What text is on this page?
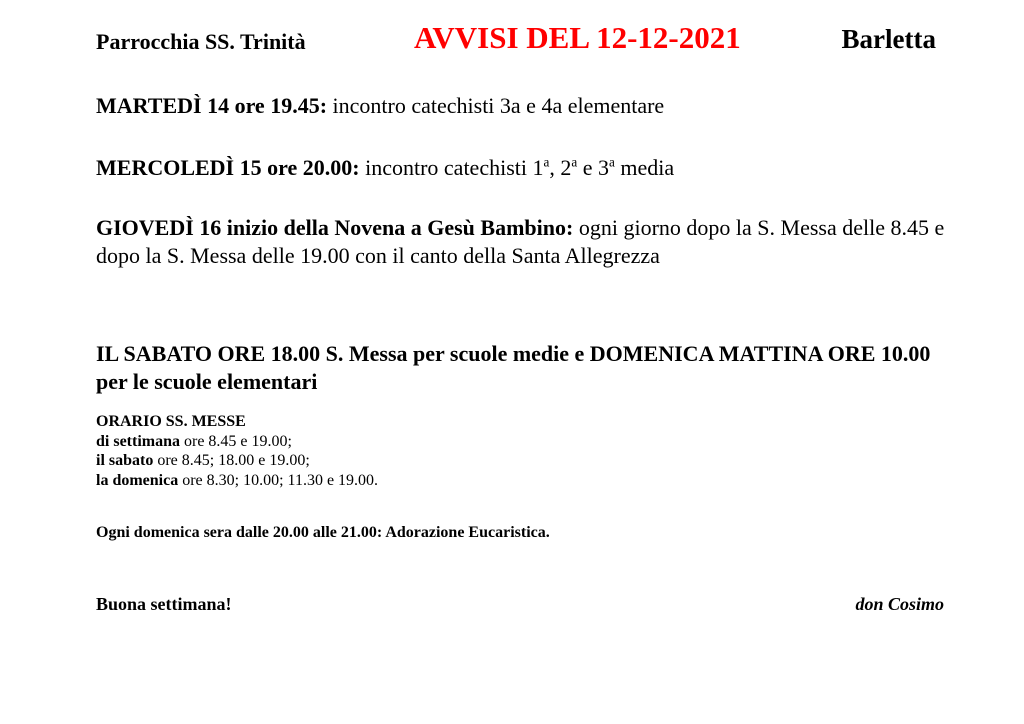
Parrocchia SS. Trinità	AVVISI DEL 12-12-2021	Barletta
MARTEDÌ 14 ore 19.45: incontro catechisti 3a e 4a elementare
MERCOLEDÌ 15 ore 20.00: incontro catechisti 1$^a$, 2$^a$ e 3$^a$ media
GIOVEDÌ 16 inizio della Novena a Gesù Bambino: ogni giorno dopo la S. Messa delle 8.45 e dopo la S. Messa delle 19.00 con il canto della Santa Allegrezza
IL SABATO ORE 18.00 S. Messa per scuole medie e DOMENICA MATTINA ORE 10.00 per le scuole elementari
ORARIO SS. MESSE
di settimana ore 8.45 e 19.00;
il sabato ore 8.45; 18.00 e 19.00;
la domenica ore 8.30; 10.00; 11.30 e 19.00.
Ogni domenica sera dalle 20.00 alle 21.00: Adorazione Eucaristica.
Buona settimana!	don Cosimo
